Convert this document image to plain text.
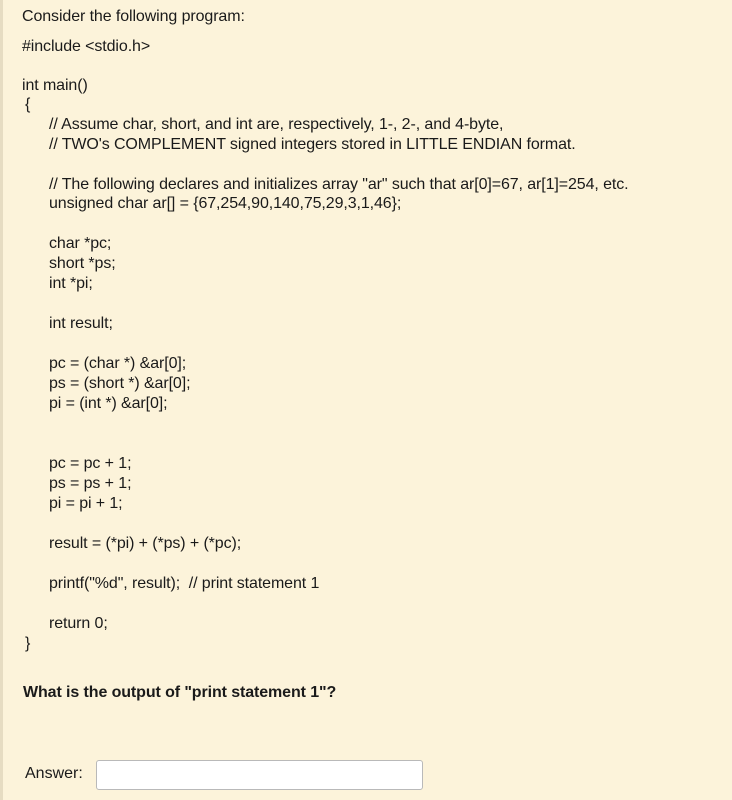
Consider the following program:
#include <stdio.h>
int main()
{
// Assume char, short, and int are, respectively, 1-, 2-, and 4-byte,
// TWO's COMPLEMENT signed integers stored in LITTLE ENDIAN format.
// The following declares and initializes array "ar" such that ar[0]=67, ar[1]=254, etc.
unsigned char ar[] = {67,254,90,140,75,29,3,1,46};
char *pc;
short *ps;
int *pi;
int result;
pc = (char *) &ar[0];
ps = (short *) &ar[0];
pi = (int *) &ar[0];
pc = pc + 1;
ps = ps + 1;
pi = pi + 1;
result = (*pi) + (*ps) + (*pc);
printf("%d", result);  // print statement 1
return 0;
}
What is the output of "print statement 1"?
Answer:
